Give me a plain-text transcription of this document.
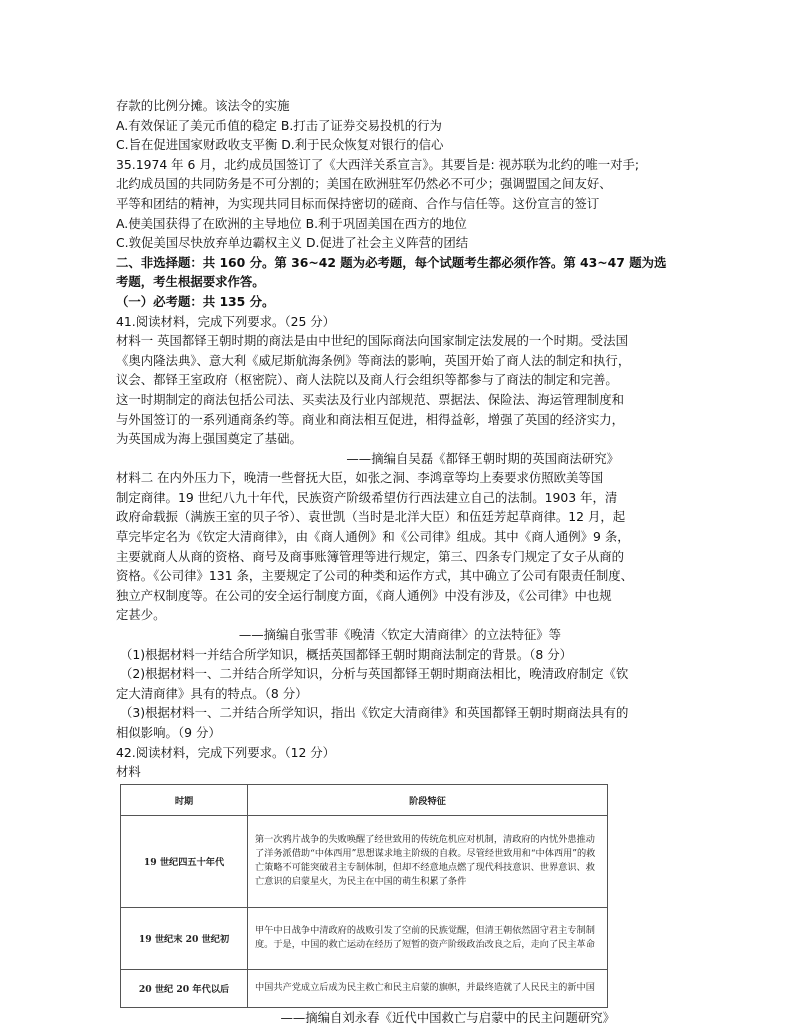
存款的比例分摊。该法令的实施
A.有效保证了美元币值的稳定 B.打击了证券交易投机的行为
C.旨在促进国家财政收支平衡 D.利于民众恢复对银行的信心
35.1974 年 6 月，北约成员国签订了《大西洋关系宣言》。其要旨是: 视苏联为北约的唯一对手;
北约成员国的共同防务是不可分割的；美国在欧洲驻军仍然必不可少；强调盟国之间友好、
平等和团结的精神，为实现共同目标而保持密切的磋商、合作与信任等。这份宣言的签订
A.使美国获得了在欧洲的主导地位 B.利于巩固美国在西方的地位
C.敦促美国尽快放弃单边霸权主义 D.促进了社会主义阵营的团结
二、非选择题：共 160 分。第 36~42 题为必考题，每个试题考生都必须作答。第 43~47 题为选
考题，考生根据要求作答。
（一）必考题：共 135 分。
41.阅读材料，完成下列要求。（25 分）
材料一 英国都铎王朝时期的商法是由中世纪的国际商法向国家制定法发展的一个时期。受法国
《奥内隆法典》、意大利《威尼斯航海条例》等商法的影响，英国开始了商人法的制定和执行，
议会、都铎王室政府（枢密院）、商人法院以及商人行会组织等都参与了商法的制定和完善。
这一时期制定的商法包括公司法、买卖法及行业内部规范、票据法、保险法、海运管理制度和
与外国签订的一系列通商条约等。商业和商法相互促进，相得益彰，增强了英国的经济实力，
为英国成为海上强国奠定了基础。
——摘编自吴磊《都铎王朝时期的英国商法研究》
材料二 在内外压力下，晚清一些督抚大臣，如张之洞、李鸿章等均上奏要求仿照欧美等国
制定商律。19 世纪八九十年代，民族资产阶级希望仿行西法建立自己的法制。1903 年，清
政府命载振（满族王室的贝子爷）、袁世凯（当时是北洋大臣）和伍廷芳起草商律。12 月，起
草完毕定名为《钦定大清商律》，由《商人通例》和《公司律》组成。其中《商人通例》9 条，
主要就商人从商的资格、商号及商事账簿管理等进行规定，第三、四条专门规定了女子从商的
资格。《公司律》131 条，主要规定了公司的种类和运作方式，其中确立了公司有限责任制度、
独立产权制度等。在公司的安全运行制度方面，《商人通例》中没有涉及，《公司律》中也规
定甚少。
——摘编自张雪菲《晚清〈钦定大清商律〉的立法特征》等
（1)根据材料一并结合所学知识，概括英国都铎王朝时期商法制定的背景。（8 分）
（2)根据材料一、二并结合所学知识，分析与英国都铎王朝时期商法相比，晚清政府制定《钦
定大清商律》具有的特点。（8 分）
（3)根据材料一、二并结合所学知识，指出《钦定大清商律》和英国都铎王朝时期商法具有的
相似影响。（9 分）
42.阅读材料，完成下列要求。（12 分）
材料
时期	阶段特征
19 世纪四五十年代	第一次鸦片战争的失败唤醒了经世致用的传统危机应对机制，清政府的内忧外患推动了洋务派借助“中体西用”思想谋求地主阶级的自救。尽管经世致用和“中体西用”的救亡策略不可能突破君主专制体制，但却不经意地点燃了现代科技意识、世界意识、救亡意识的启蒙星火，为民主在中国的萌生积累了条件
19 世纪末 20 世纪初	甲午中日战争中清政府的战败引发了空前的民族觉醒，但清王朝依然固守君主专制制度。于是，中国的救亡运动在经历了短暂的资产阶级政治改良之后，走向了民主革命
20 世纪 20 年代以后	中国共产党成立后成为民主救亡和民主启蒙的旗帜，并最终造就了人民民主的新中国
——摘编自刘永春《近代中国救亡与启蒙中的民主问题研究》
